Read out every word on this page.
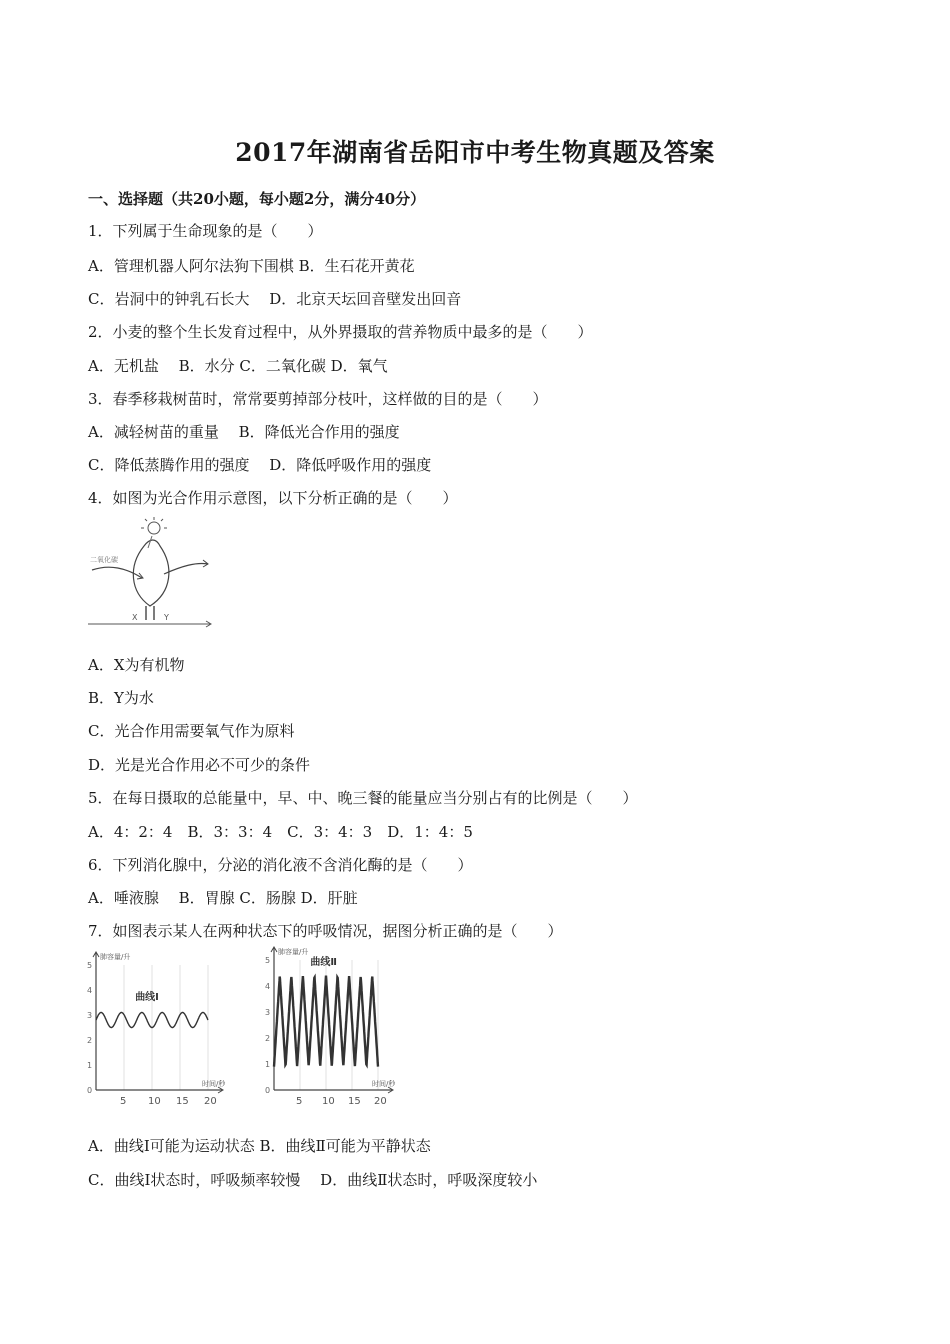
2017年湖南省岳阳市中考生物真题及答案
一、选择题（共20小题，每小题2分，满分40分）
1．下列属于生命现象的是（　　）
A．管理机器人阿尔法狗下围棋 B．生石花开黄花
C．岩洞中的钟乳石长大　 D．北京天坛回音壁发出回音
2．小麦的整个生长发育过程中，从外界摄取的营养物质中最多的是（　　）
A．无机盐　 B．水分 C．二氧化碳 D．氧气
3．春季移栽树苗时，常常要剪掉部分枝叶，这样做的目的是（　　）
A．减轻树苗的重量　 B．降低光合作用的强度
C．降低蒸腾作用的强度　 D．降低呼吸作用的强度
4．如图为光合作用示意图，以下分析正确的是（　　）
二氧化碳
X	Y
A．X为有机物
B．Y为水
C．光合作用需要氧气作为原料
D．光是光合作用必不可少的条件
5．在每日摄取的总能量中，早、中、晚三餐的能量应当分别占有的比例是（　　）
A．4：2：4　B．3：3：4　C．3：4：3　D．1：4：5
6．下列消化腺中，分泌的消化液不含消化酶的是（　　）
A．唾液腺　 B．胃腺 C．肠腺 D．肝脏
7．如图表示某人在两种状态下的呼吸情况，据图分析正确的是（　　）
0
1
2
3
4
5
5 10 15 20
肺容量/升
时间/秒
曲线Ⅰ
0
1
2
3
4
5
5 10 15 20
肺容量/升
时间/秒
曲线Ⅱ
A．曲线Ⅰ可能为运动状态 B．曲线Ⅱ可能为平静状态
C．曲线Ⅰ状态时，呼吸频率较慢　 D．曲线Ⅱ状态时，呼吸深度较小
